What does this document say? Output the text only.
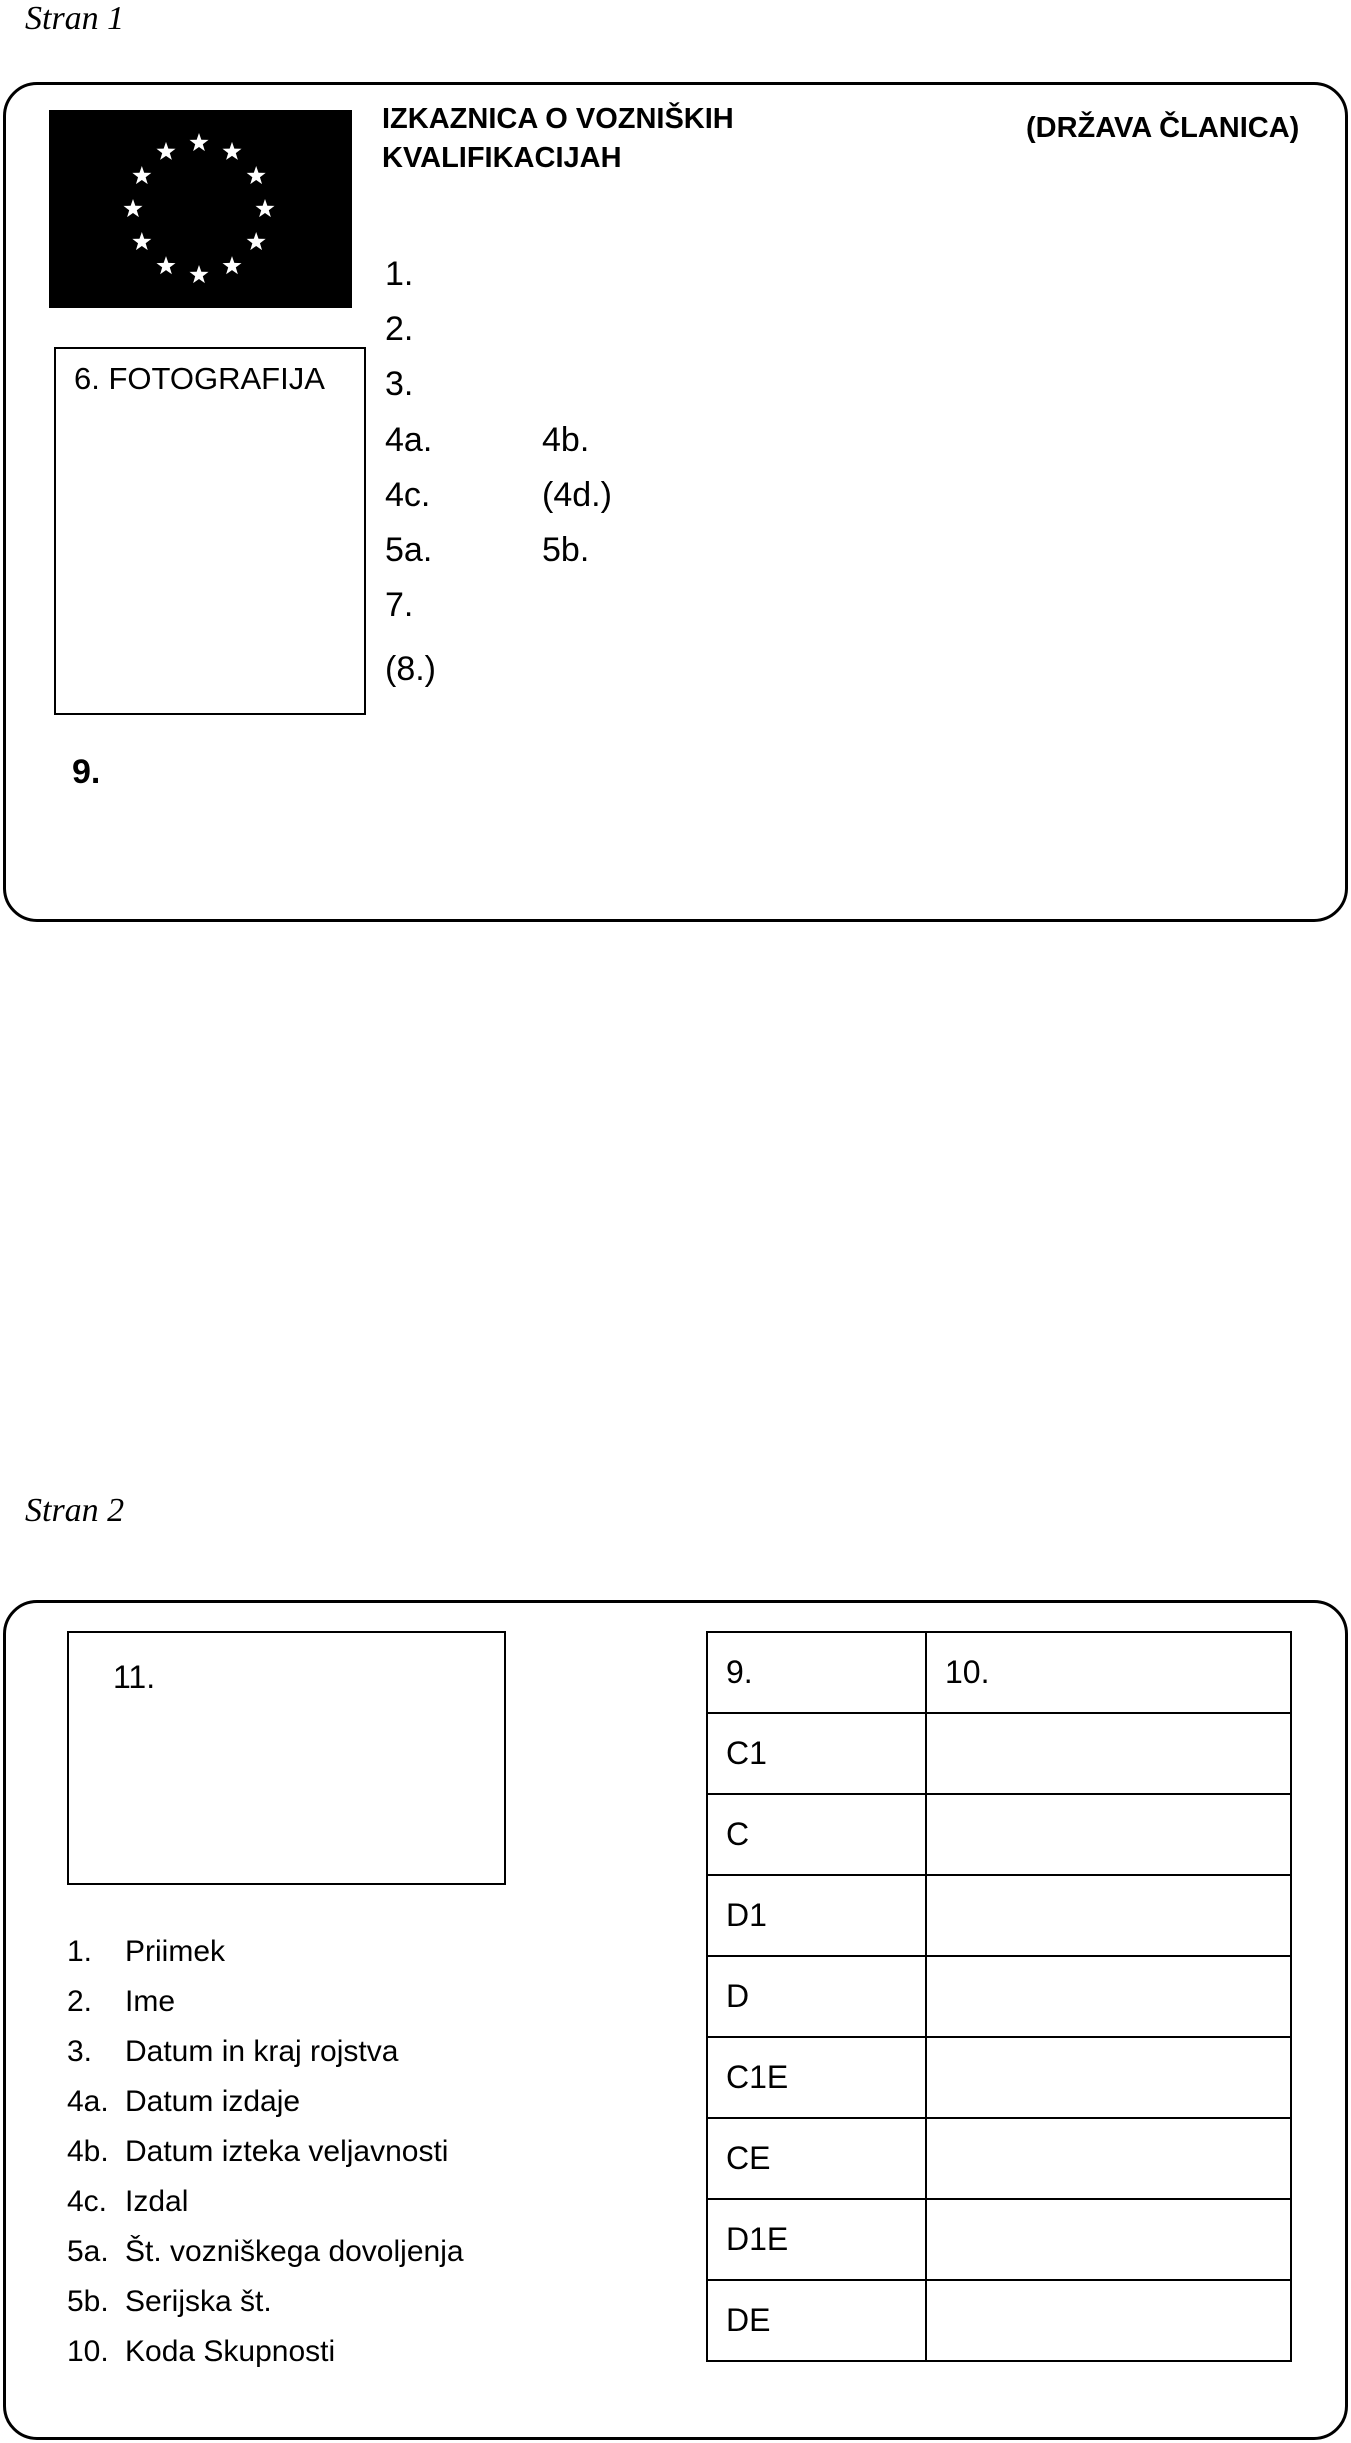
Stran 1
IZKAZNICA O VOZNIŠKIH
KVALIFIKACIJAH
(DRŽAVA ČLANICA)
6. FOTOGRAFIJA
1.
2.
3.
4a.	4b.
4c.	(4d.)
5a.	5b.
7.
(8.)
9.
Stran 2
11.
1.	Priimek
2.	Ime
3.	Datum in kraj rojstva
4a. Datum izdaje
4b. Datum izteka veljavnosti
4c. Izdal
5a. Št. vozniškega dovoljenja
5b. Serijska št.
10. Koda Skupnosti
9.	10.
C1	
C	
D1	
D	
C1E	
CE	
D1E	
DE	
